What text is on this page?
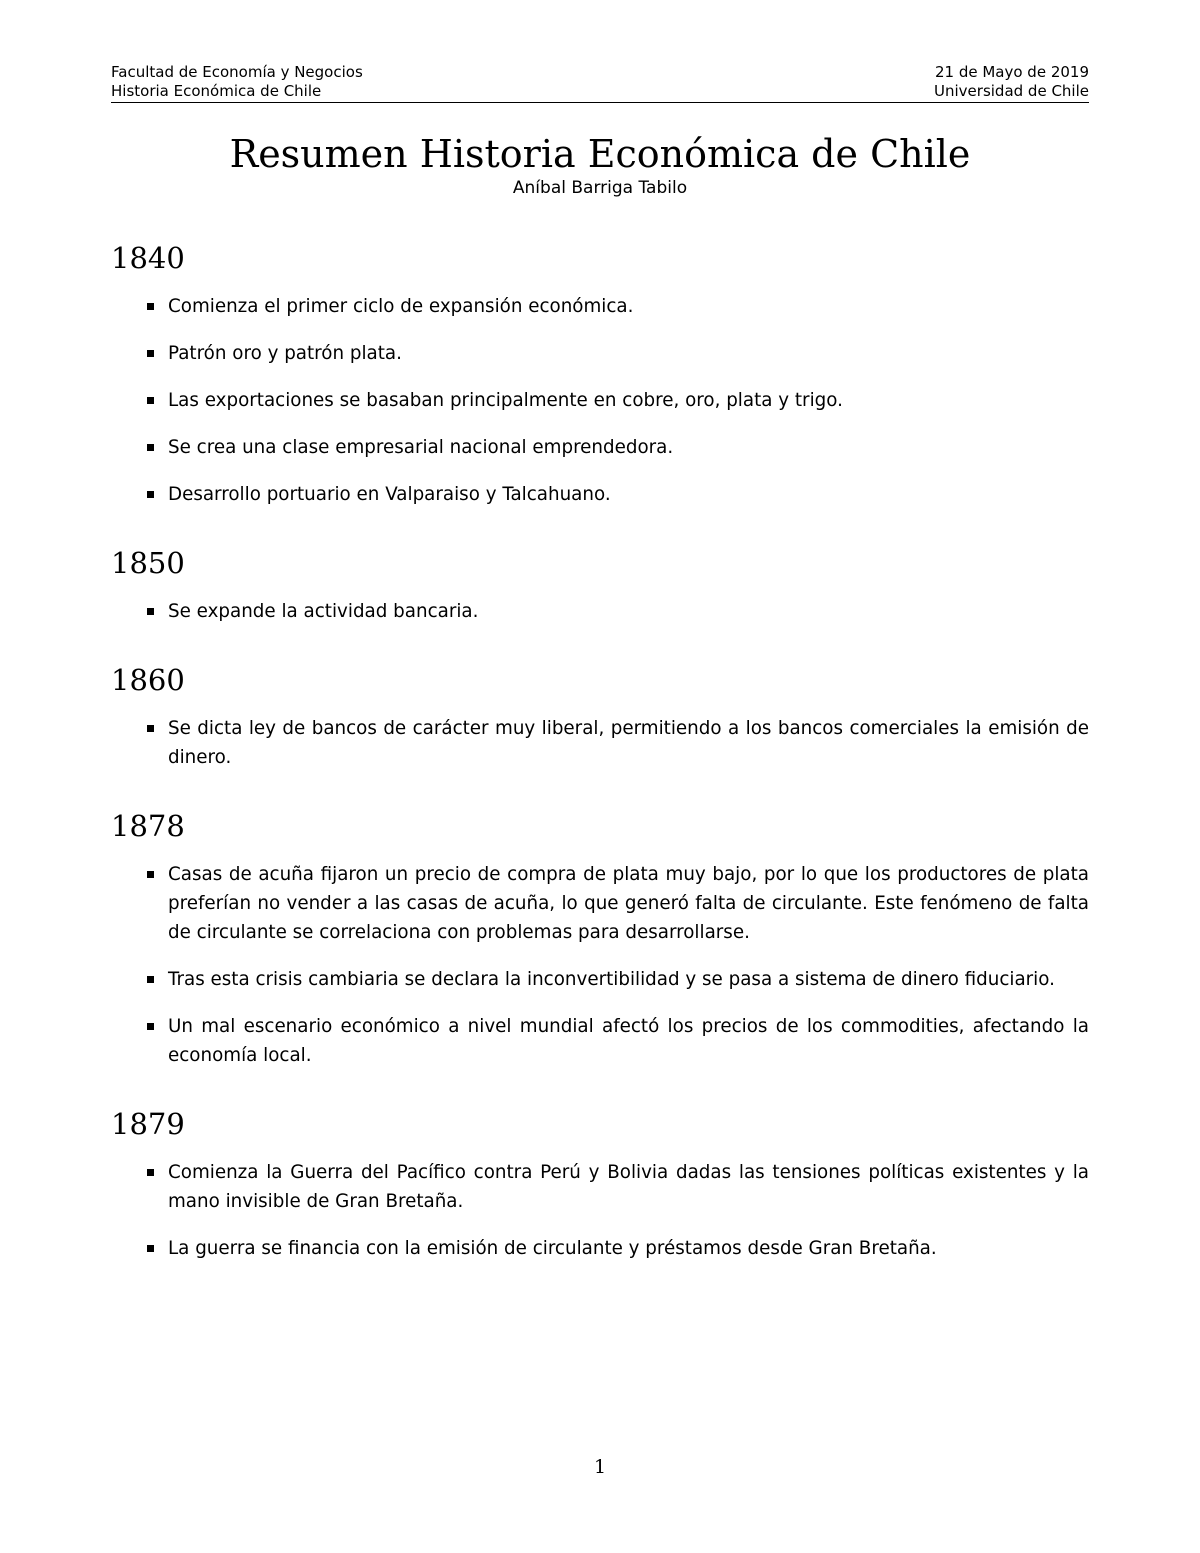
Facultad de Economía y Negocios
Historia Económica de Chile
21 de Mayo de 2019
Universidad de Chile
Resumen Historia Económica de Chile
Aníbal Barriga Tabilo
1840
Comienza el primer ciclo de expansión económica.
Patrón oro y patrón plata.
Las exportaciones se basaban principalmente en cobre, oro, plata y trigo.
Se crea una clase empresarial nacional emprendedora.
Desarrollo portuario en Valparaiso y Talcahuano.
1850
Se expande la actividad bancaria.
1860
Se dicta ley de bancos de carácter muy liberal, permitiendo a los bancos comerciales la emisión de dinero.
1878
Casas de acuña fijaron un precio de compra de plata muy bajo, por lo que los productores de plata preferían no vender a las casas de acuña, lo que generó falta de circulante. Este fenómeno de falta de circulante se correlaciona con problemas para desarrollarse.
Tras esta crisis cambiaria se declara la inconvertibilidad y se pasa a sistema de dinero fiduciario.
Un mal escenario económico a nivel mundial afectó los precios de los commodities, afectando la economía local.
1879
Comienza la Guerra del Pacífico contra Perú y Bolivia dadas las tensiones políticas existentes y la mano invisible de Gran Bretaña.
La guerra se financia con la emisión de circulante y préstamos desde Gran Bretaña.
1
